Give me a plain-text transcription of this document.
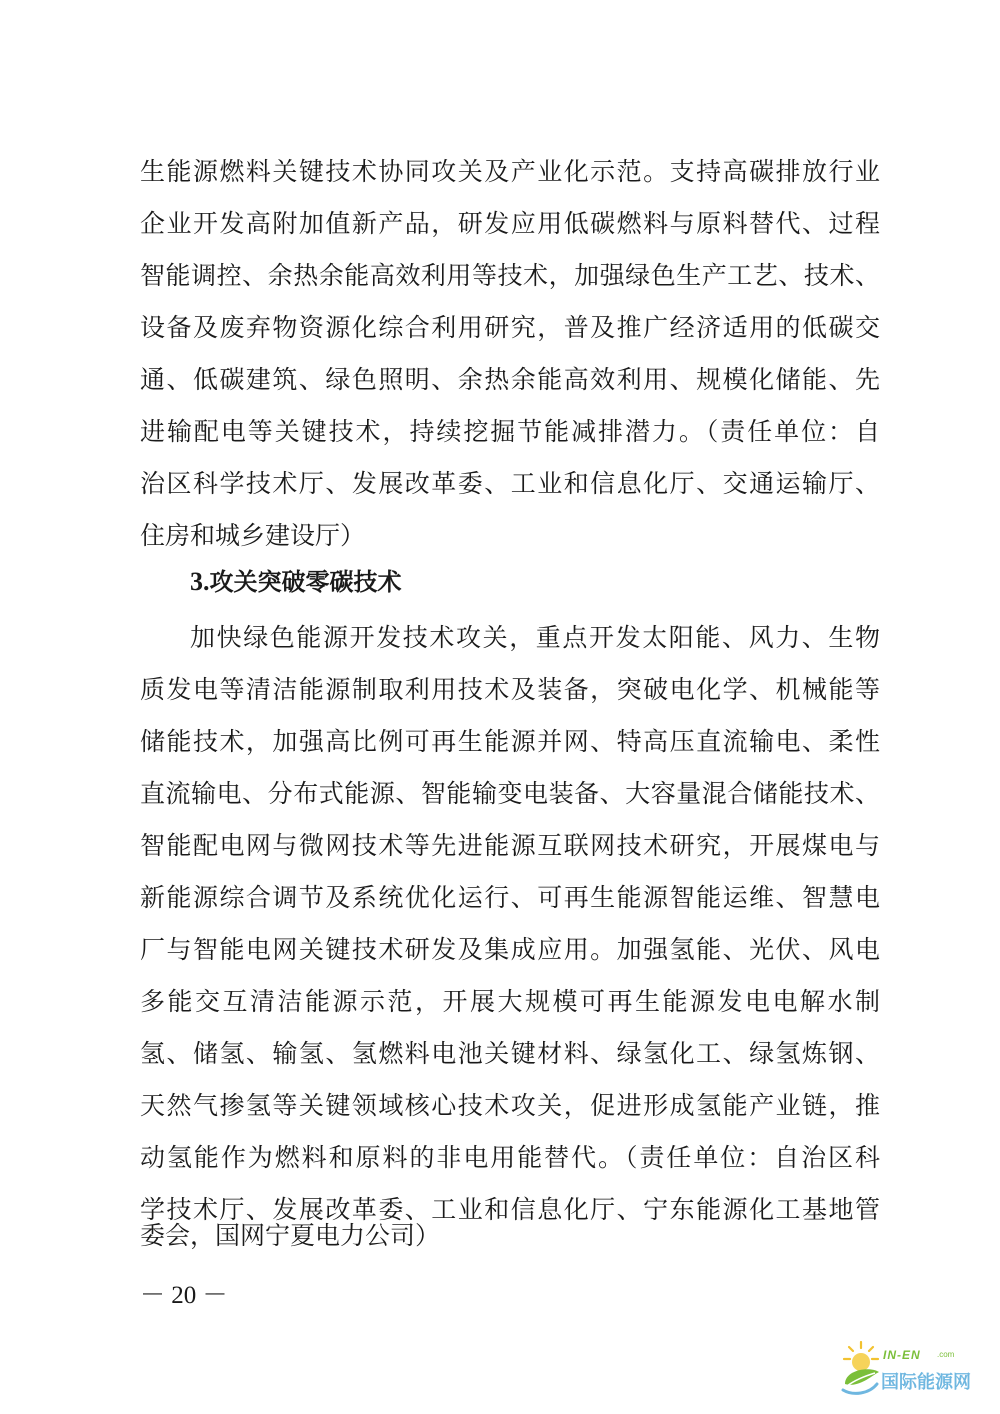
生能源燃料关键技术协同攻关及产业化示范。支持高碳排放行业
企业开发高附加值新产品，研发应用低碳燃料与原料替代、过程
智能调控、余热余能高效利用等技术，加强绿色生产工艺、技术、
设备及废弃物资源化综合利用研究，普及推广经济适用的低碳交
通、低碳建筑、绿色照明、余热余能高效利用、规模化储能、先
进输配电等关键技术，持续挖掘节能减排潜力。（责任单位：自
治区科学技术厅、发展改革委、工业和信息化厅、交通运输厅、
住房和城乡建设厅）
3.攻关突破零碳技术
加快绿色能源开发技术攻关，重点开发太阳能、风力、生物
质发电等清洁能源制取利用技术及装备，突破电化学、机械能等
储能技术，加强高比例可再生能源并网、特高压直流输电、柔性
直流输电、分布式能源、智能输变电装备、大容量混合储能技术、
智能配电网与微网技术等先进能源互联网技术研究，开展煤电与
新能源综合调节及系统优化运行、可再生能源智能运维、智慧电
厂与智能电网关键技术研发及集成应用。加强氢能、光伏、风电
多能交互清洁能源示范，开展大规模可再生能源发电电解水制
氢、储氢、输氢、氢燃料电池关键材料、绿氢化工、绿氢炼钢、
天然气掺氢等关键领域核心技术攻关，促进形成氢能产业链，推
动氢能作为燃料和原料的非电用能替代。（责任单位：自治区科
学技术厅、发展改革委、工业和信息化厅、宁东能源化工基地管
委会，国网宁夏电力公司）
－ 20 －
IN-EN .com
国际能源网
